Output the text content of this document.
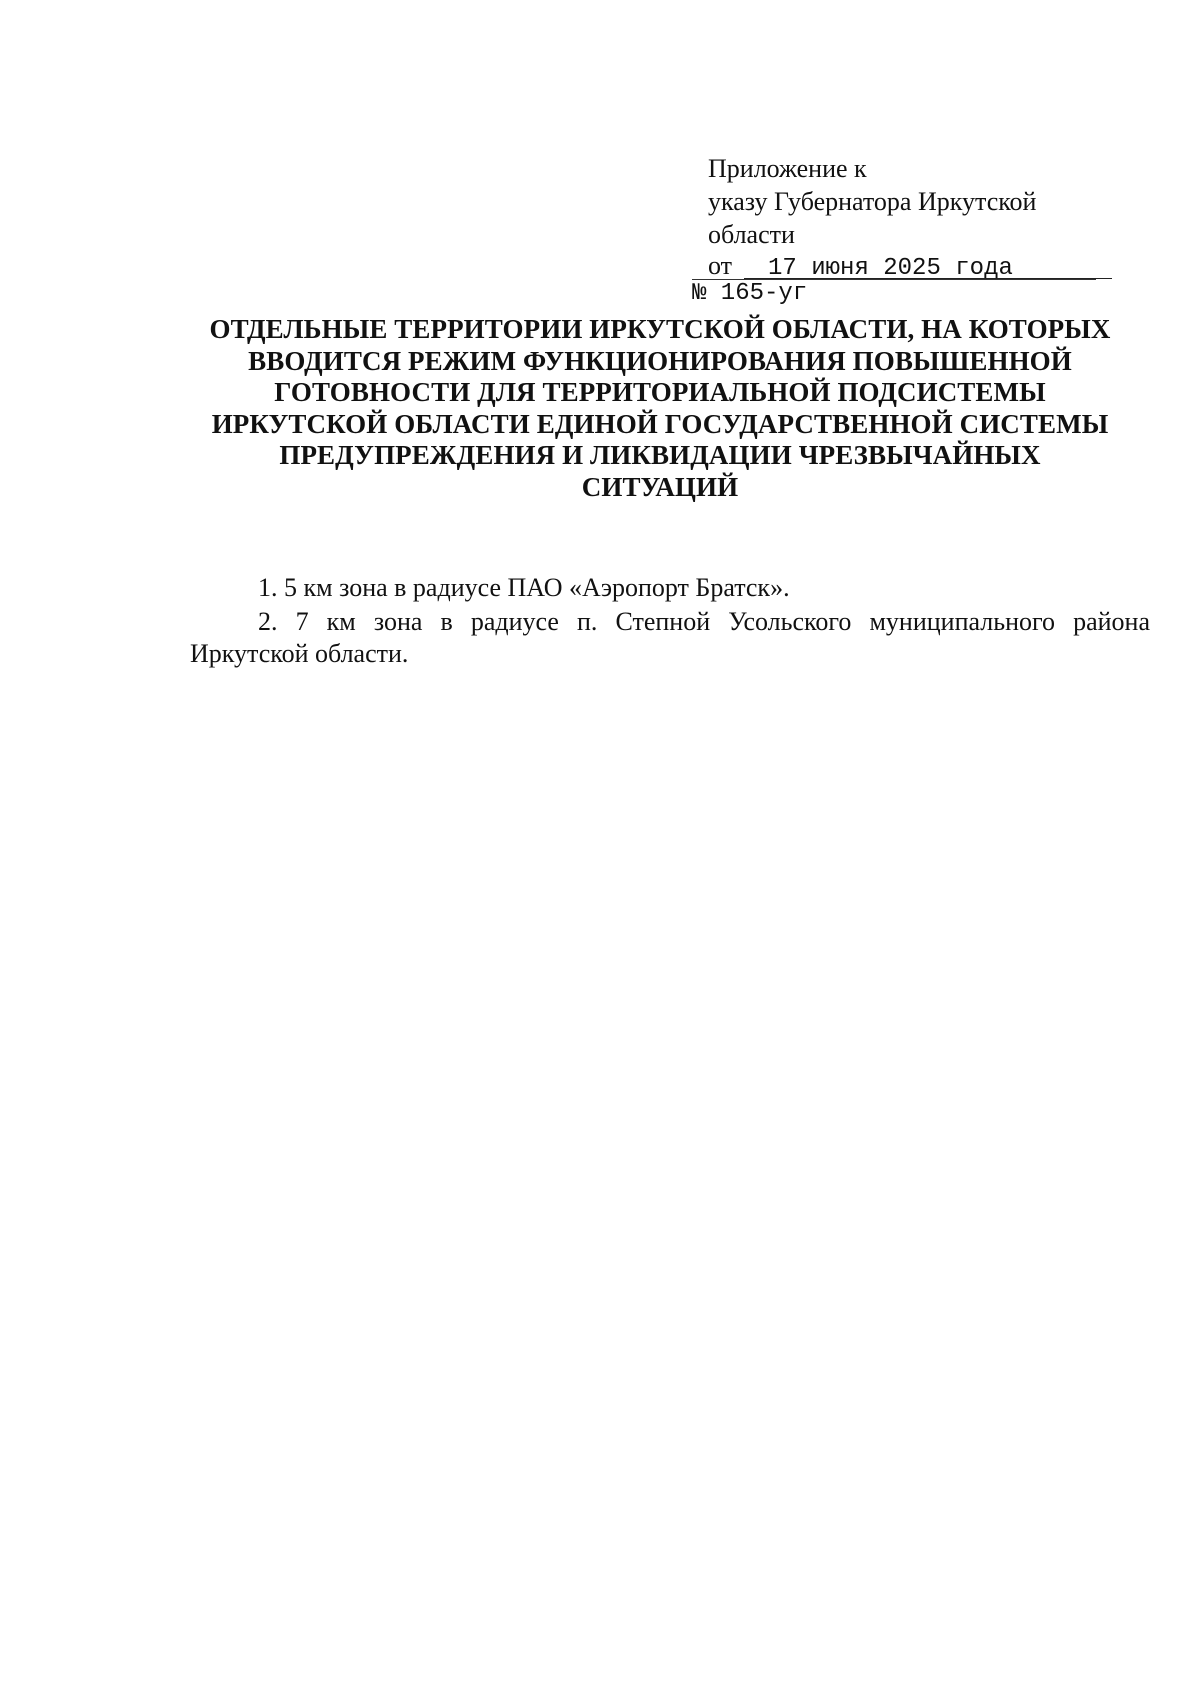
Приложение к
указу Губернатора Иркутской
области
от 17 июня 2025 года
№ 165-уг
ОТДЕЛЬНЫЕ ТЕРРИТОРИИ ИРКУТСКОЙ ОБЛАСТИ, НА КОТОРЫХ
ВВОДИТСЯ РЕЖИМ ФУНКЦИОНИРОВАНИЯ ПОВЫШЕННОЙ
ГОТОВНОСТИ ДЛЯ ТЕРРИТОРИАЛЬНОЙ ПОДСИСТЕМЫ
ИРКУТСКОЙ ОБЛАСТИ ЕДИНОЙ ГОСУДАРСТВЕННОЙ СИСТЕМЫ
ПРЕДУПРЕЖДЕНИЯ И ЛИКВИДАЦИИ ЧРЕЗВЫЧАЙНЫХ
СИТУАЦИЙ

1. 5 км зона в радиусе ПАО «Аэропорт Братск».

2. 7 км зона в радиусе п. Степной Усольского муниципального района Иркутской области.
